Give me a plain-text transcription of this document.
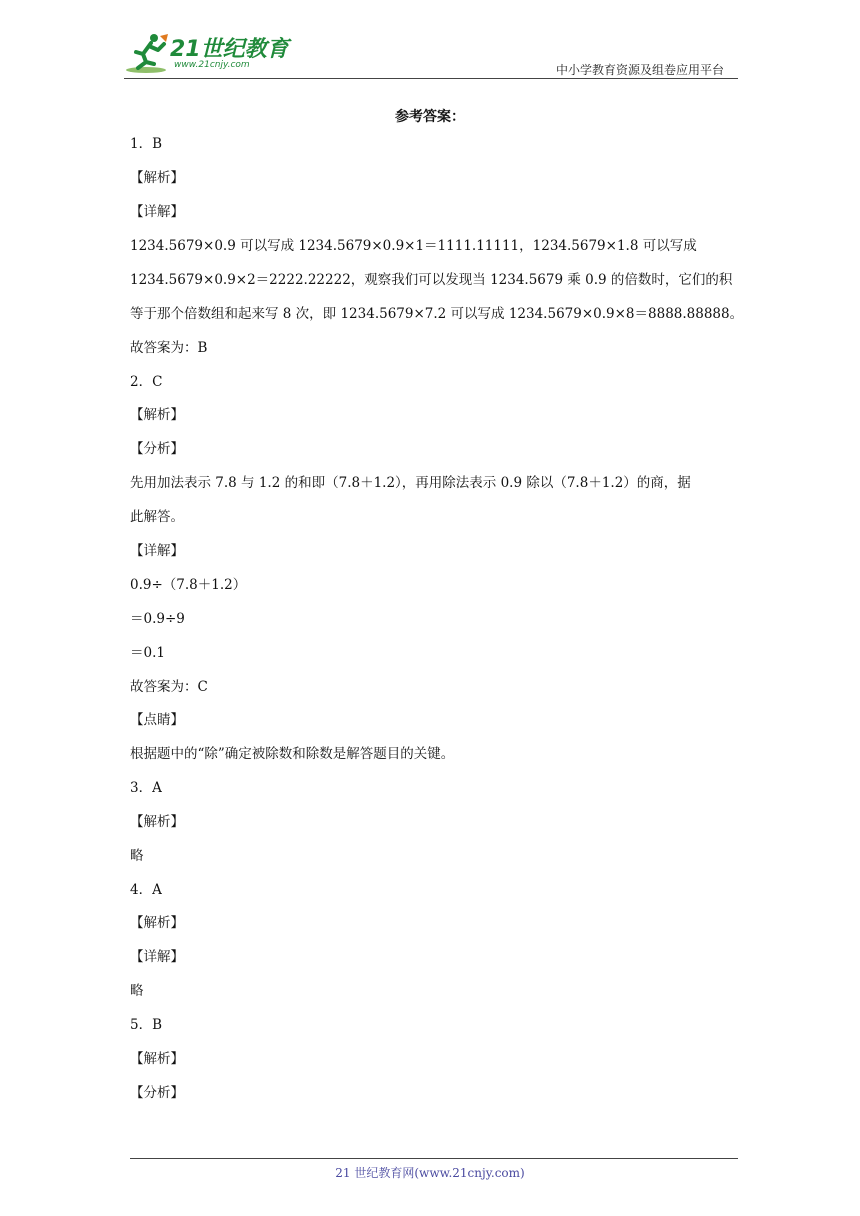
21世纪教育
www.21cnjy.com	中小学教育资源及组卷应用平台
参考答案：
1．B
【解析】
【详解】
1234.5679×0.9 可以写成 1234.5679×0.9×1＝1111.11111，1234.5679×1.8 可以写成
1234.5679×0.9×2＝2222.22222，观察我们可以发现当 1234.5679 乘 0.9 的倍数时，它们的积
等于那个倍数组和起来写 8 次，即 1234.5679×7.2 可以写成 1234.5679×0.9×8＝8888.88888。
故答案为：B
2．C
【解析】
【分析】
先用加法表示 7.8 与 1.2 的和即（7.8＋1.2），再用除法表示 0.9 除以（7.8＋1.2）的商，据
此解答。
【详解】
0.9÷（7.8＋1.2）
＝0.9÷9
＝0.1
故答案为：C
【点睛】
根据题中的“除”确定被除数和除数是解答题目的关键。
3．A
【解析】
略
4．A
【解析】
【详解】
略
5．B
【解析】
【分析】
21 世纪教育网(www.21cnjy.com)
